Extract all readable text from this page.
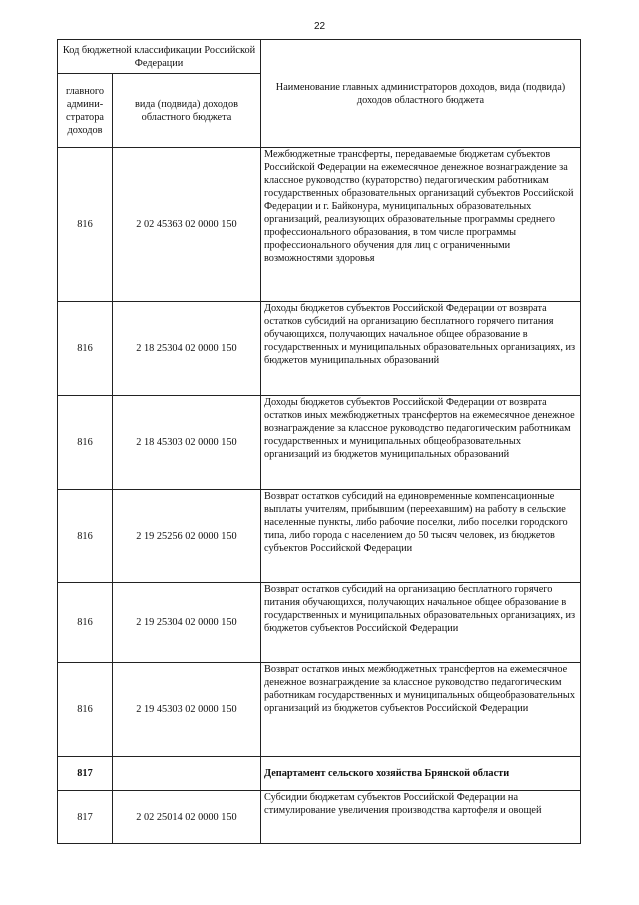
22
Код бюджетной классификации Российской Федерации		Наименование главных администраторов доходов, вида (подвида) доходов областного бюджета
главного админи-стратора доходов	вида (подвида) доходов областного бюджета	
816	2 02 45363 02 0000 150	Межбюджетные трансферты, передаваемые бюджетам субъектов Российской Федерации на ежемесячное денежное вознаграждение за классное руководство (кураторство) педагогическим работникам государственных образовательных организаций субъектов Российской Федерации и г. Байконура, муниципальных образовательных организаций, реализующих образовательные программы среднего профессионального образования, в том числе программы профессионального обучения для лиц с ограниченными возможностями здоровья
816	2 18 25304 02 0000 150	Доходы бюджетов субъектов Российской Федерации от возврата остатков субсидий на организацию бесплатного горячего питания обучающихся, получающих начальное общее образование в государственных и муниципальных образовательных организациях, из бюджетов муниципальных образований
816	2 18 45303 02 0000 150	Доходы бюджетов субъектов Российской Федерации от возврата остатков иных межбюджетных трансфертов на ежемесячное денежное вознаграждение за классное руководство педагогическим работникам государственных и муниципальных общеобразовательных организаций из бюджетов муниципальных образований
816	2 19 25256 02 0000 150	Возврат остатков субсидий на единовременные компенсационные выплаты учителям, прибывшим (переехавшим) на работу в сельские населенные пункты, либо рабочие поселки, либо поселки городского типа, либо города с населением до 50 тысяч человек, из бюджетов субъектов Российской Федерации
816	2 19 25304 02 0000 150	Возврат остатков субсидий на организацию бесплатного горячего питания обучающихся, получающих начальное общее образование в государственных и муниципальных образовательных организациях, из бюджетов субъектов Российской Федерации
816	2 19 45303 02 0000 150	Возврат остатков иных межбюджетных трансфертов на ежемесячное денежное вознаграждение за классное руководство педагогическим работникам государственных и муниципальных общеобразовательных организаций из бюджетов субъектов Российской Федерации
817		Департамент сельского хозяйства Брянской области
817	2 02 25014 02 0000 150	Субсидии бюджетам субъектов Российской Федерации на стимулирование увеличения производства картофеля и овощей
